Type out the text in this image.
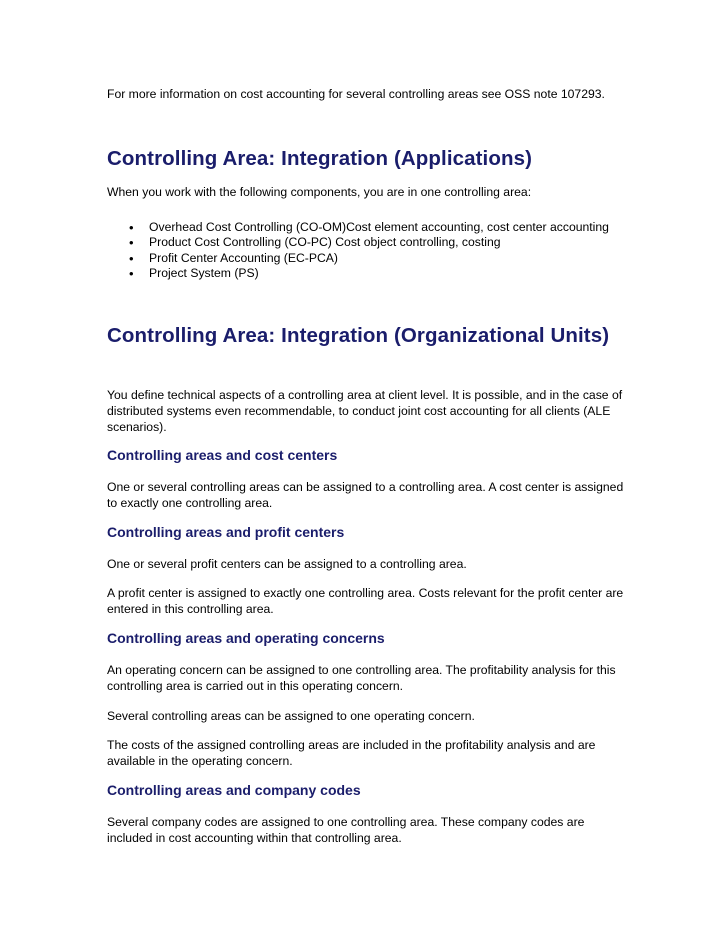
For more information on cost accounting for several controlling areas see OSS note 107293.

Controlling Area: Integration (Applications)

When you work with the following components, you are in one controlling area:

• Overhead Cost Controlling (CO-OM)Cost element accounting, cost center accounting
• Product Cost Controlling (CO-PC) Cost object controlling, costing
• Profit Center Accounting (EC-PCA)
• Project System (PS)
Controlling Area: Integration (Organizational Units)

You define technical aspects of a controlling area at client level. It is possible, and in the case of distributed systems even recommendable, to conduct joint cost accounting for all clients (ALE scenarios).

Controlling areas and cost centers

One or several controlling areas can be assigned to a controlling area. A cost center is assigned to exactly one controlling area.

Controlling areas and profit centers

One or several profit centers can be assigned to a controlling area.

A profit center is assigned to exactly one controlling area. Costs relevant for the profit center are entered in this controlling area.

Controlling areas and operating concerns

An operating concern can be assigned to one controlling area. The profitability analysis for this controlling area is carried out in this operating concern.

Several controlling areas can be assigned to one operating concern.

The costs of the assigned controlling areas are included in the profitability analysis and are available in the operating concern.

Controlling areas and company codes

Several company codes are assigned to one controlling area. These company codes are included in cost accounting within that controlling area.
